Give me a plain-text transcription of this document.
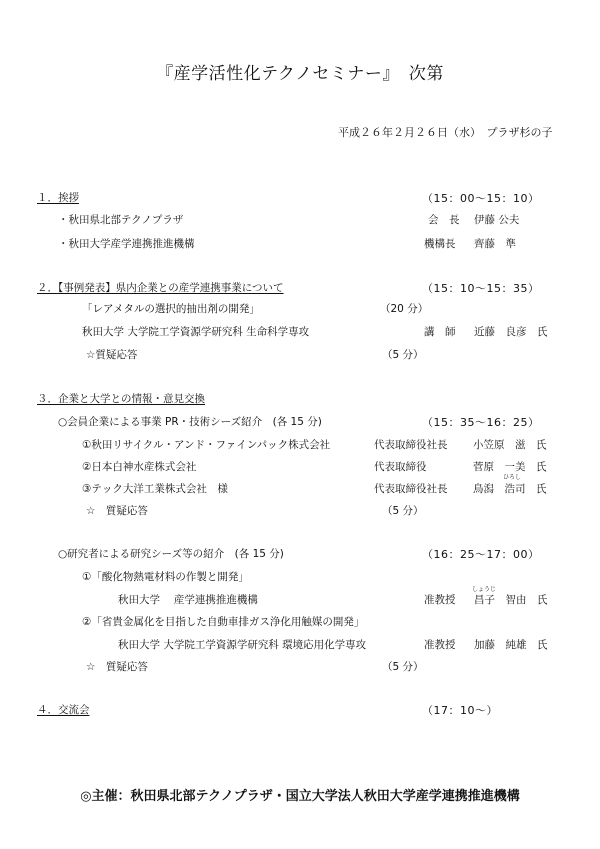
『産学活性化テクノセミナー』　次第
平成２６年２月２６日（水）　プラザ杉の子
１．挨拶	（15：00～15：10）
・秋田県北部テクノプラザ	会　長 伊藤 公夫
・秋田大学産学連携推進機構	機構長 齊藤　準
２．【事例発表】県内企業との産学連携事業について	（15：10～15：35）
「レアメタルの選択的抽出剤の開発」	（20 分）
秋田大学 大学院工学資源学研究科 生命科学専攻	講　師 近藤　良彦　氏
☆質疑応答	（5 分）
３．企業と大学との情報・意見交換
○会員企業による事業 PR・技術シーズ紹介　(各 15 分)	（15：35～16：25）
①秋田リサイクル・アンド・ファインパック株式会社	代表取締役社長 小笠原　滋　氏
②日本白神水産株式会社	代表取締役	菅原　一美　氏
ひろし
③テック大洋工業株式会社　様	代表取締役社長 鳥潟　浩司　氏
☆　質疑応答	（5 分）
○研究者による研究シーズ等の紹介　(各 15 分)	（16：25～17：00）
①「酸化物熱電材料の作製と開発」
しょうじ
秋田大学　 産学連携推進機構	准教授 昌子　智由　氏
②「省貴金属化を目指した自動車排ガス浄化用触媒の開発」
秋田大学 大学院工学資源学研究科 環境応用化学専攻	准教授 加藤　純雄　氏
☆　質疑応答	（5 分）
４．交流会	（17：10～）
◎主催：秋田県北部テクノプラザ・国立大学法人秋田大学産学連携推進機構
